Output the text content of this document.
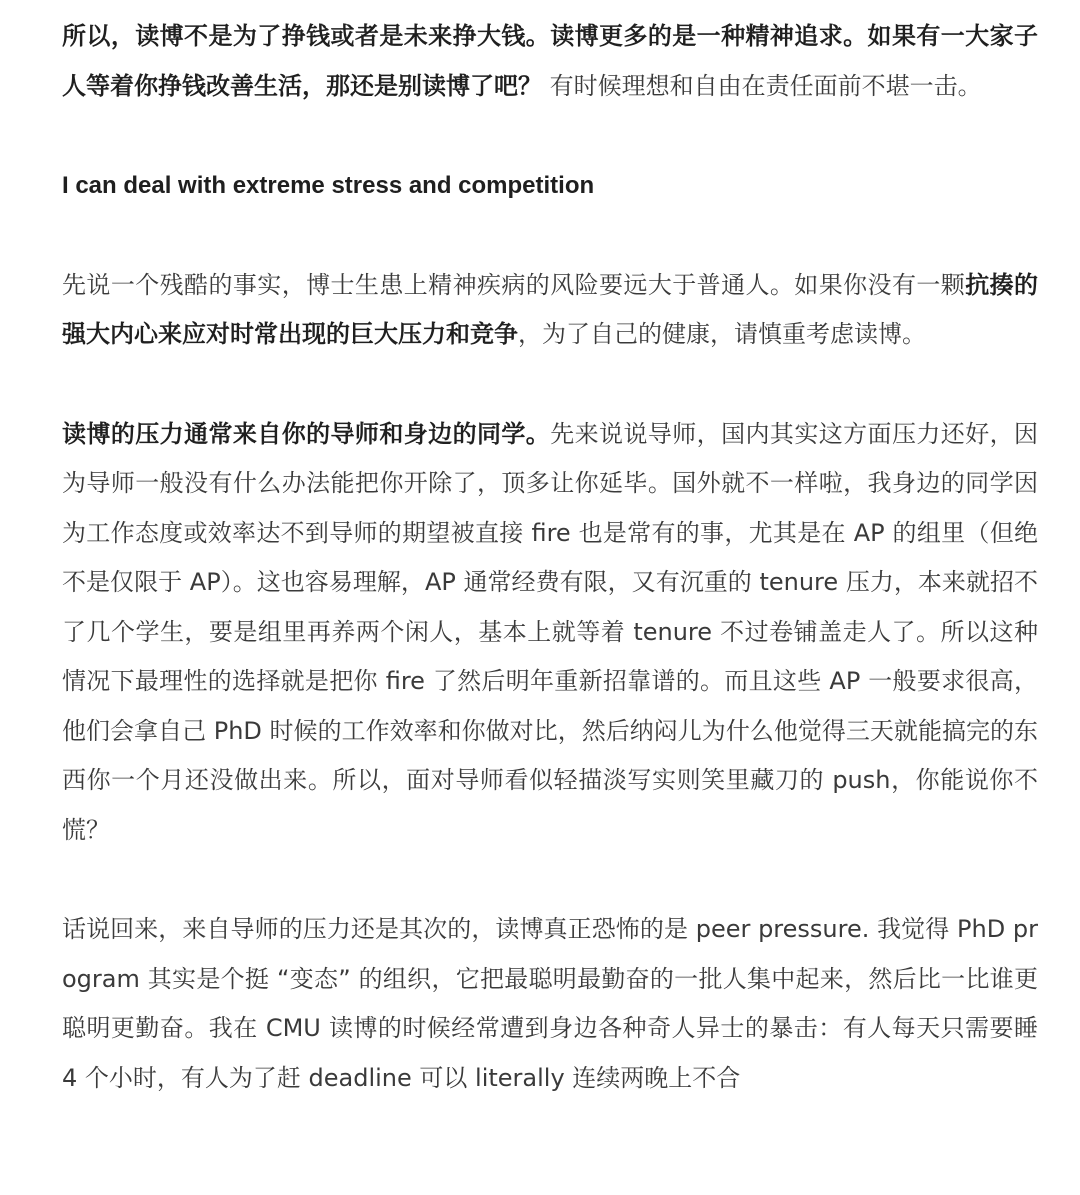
所以，读博不是为了挣钱或者是未来挣大钱。读博更多的是一种精神追求。如果有一大家子人等着你挣钱改善生活，那还是别读博了吧？ 有时候理想和自由在责任面前不堪一击。

I can deal with extreme stress and competition

先说一个残酷的事实，博士生患上精神疾病的风险要远大于普通人。如果你没有一颗抗揍的强大内心来应对时常出现的巨大压力和竞争，为了自己的健康，请慎重考虑读博。

读博的压力通常来自你的导师和身边的同学。先来说说导师，国内其实这方面压力还好，因为导师一般没有什么办法能把你开除了，顶多让你延毕。国外就不一样啦，我身边的同学因为工作态度或效率达不到导师的期望被直接 fire 也是常有的事，尤其是在 AP 的组里（但绝不是仅限于 AP）。这也容易理解，AP 通常经费有限，又有沉重的 tenure 压力，本来就招不了几个学生，要是组里再养两个闲人，基本上就等着 tenure 不过卷铺盖走人了。所以这种情况下最理性的选择就是把你 fire 了然后明年重新招靠谱的。而且这些 AP 一般要求很高，他们会拿自己 PhD 时候的工作效率和你做对比，然后纳闷儿为什么他觉得三天就能搞完的东西你一个月还没做出来。所以，面对导师看似轻描淡写实则笑里藏刀的 push，你能说你不慌？

话说回来，来自导师的压力还是其次的，读博真正恐怖的是 peer pressure. 我觉得 PhD program 其实是个挺 “变态” 的组织，它把最聪明最勤奋的一批人集中起来，然后比一比谁更聪明更勤奋。我在 CMU 读博的时候经常遭到身边各种奇人异士的暴击：有人每天只需要睡 4 个小时，有人为了赶 deadline 可以 literally 连续两晚上不合
